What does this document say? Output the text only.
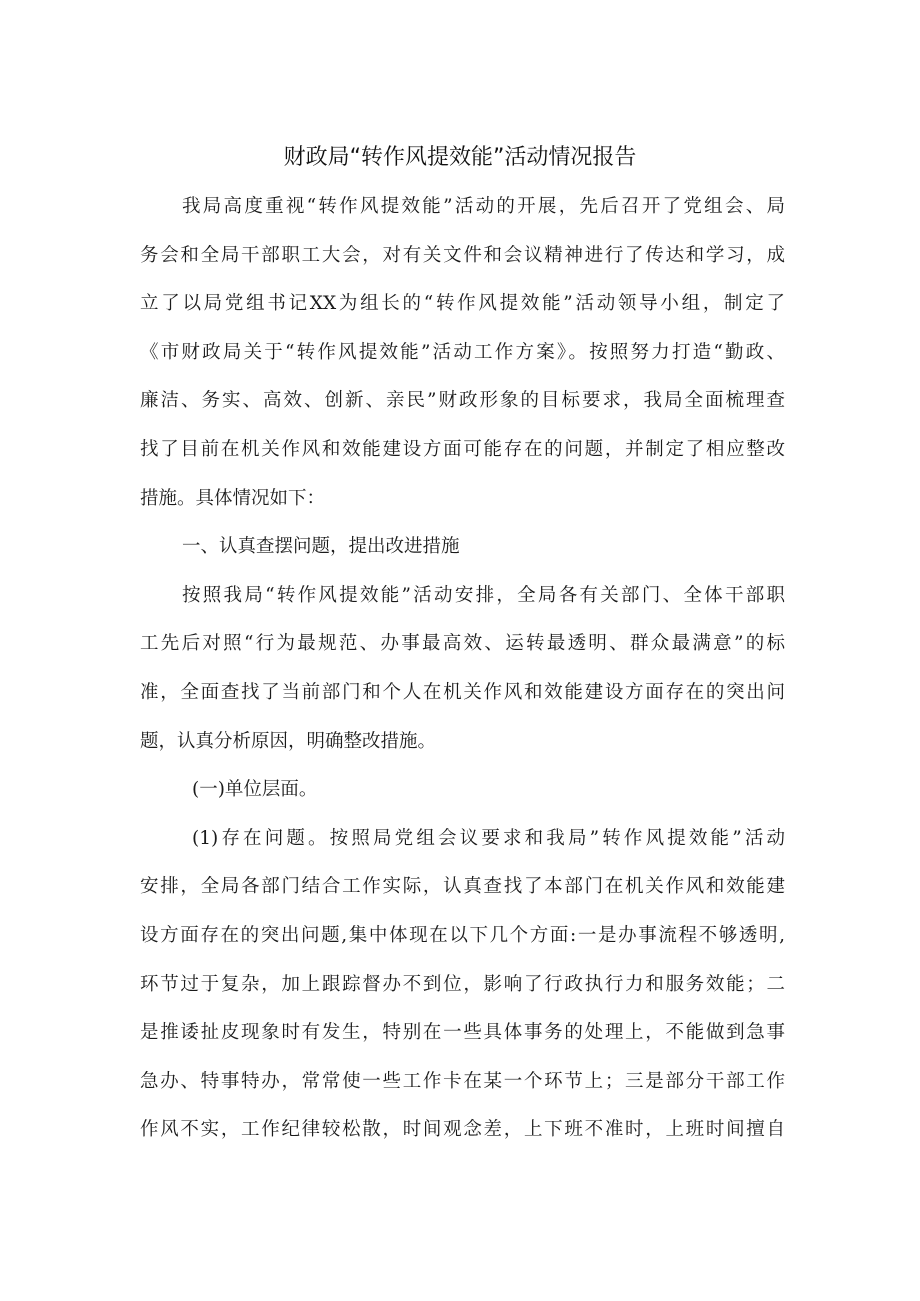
财政局“转作风提效能”活动情况报告
我局高度重视“转作风提效能”活动的开展，先后召开了党组会、局
务会和全局干部职工大会，对有关文件和会议精神进行了传达和学习，成
立了以局党组书记XX为组长的“转作风提效能”活动领导小组，制定了
《市财政局关于“转作风提效能”活动工作方案》。按照努力打造“勤政、
廉洁、务实、高效、创新、亲民”财政形象的目标要求，我局全面梳理查
找了目前在机关作风和效能建设方面可能存在的问题，并制定了相应整改
措施。具体情况如下：
一、认真查摆问题，提出改进措施
按照我局“转作风提效能”活动安排，全局各有关部门、全体干部职
工先后对照“行为最规范、办事最高效、运转最透明、群众最满意”的标
准，全面查找了当前部门和个人在机关作风和效能建设方面存在的突出问
题，认真分析原因，明确整改措施。
(一)单位层面。
(1)存在问题。按照局党组会议要求和我局”转作风提效能”活动
安排，全局各部门结合工作实际，认真查找了本部门在机关作风和效能建
设方面存在的突出问题,集中体现在以下几个方面:一是办事流程不够透明,
环节过于复杂，加上跟踪督办不到位，影响了行政执行力和服务效能；二
是推诿扯皮现象时有发生，特别在一些具体事务的处理上，不能做到急事
急办、特事特办，常常使一些工作卡在某一个环节上；三是部分干部工作
作风不实，工作纪律较松散，时间观念差，上下班不准时，上班时间擅自
